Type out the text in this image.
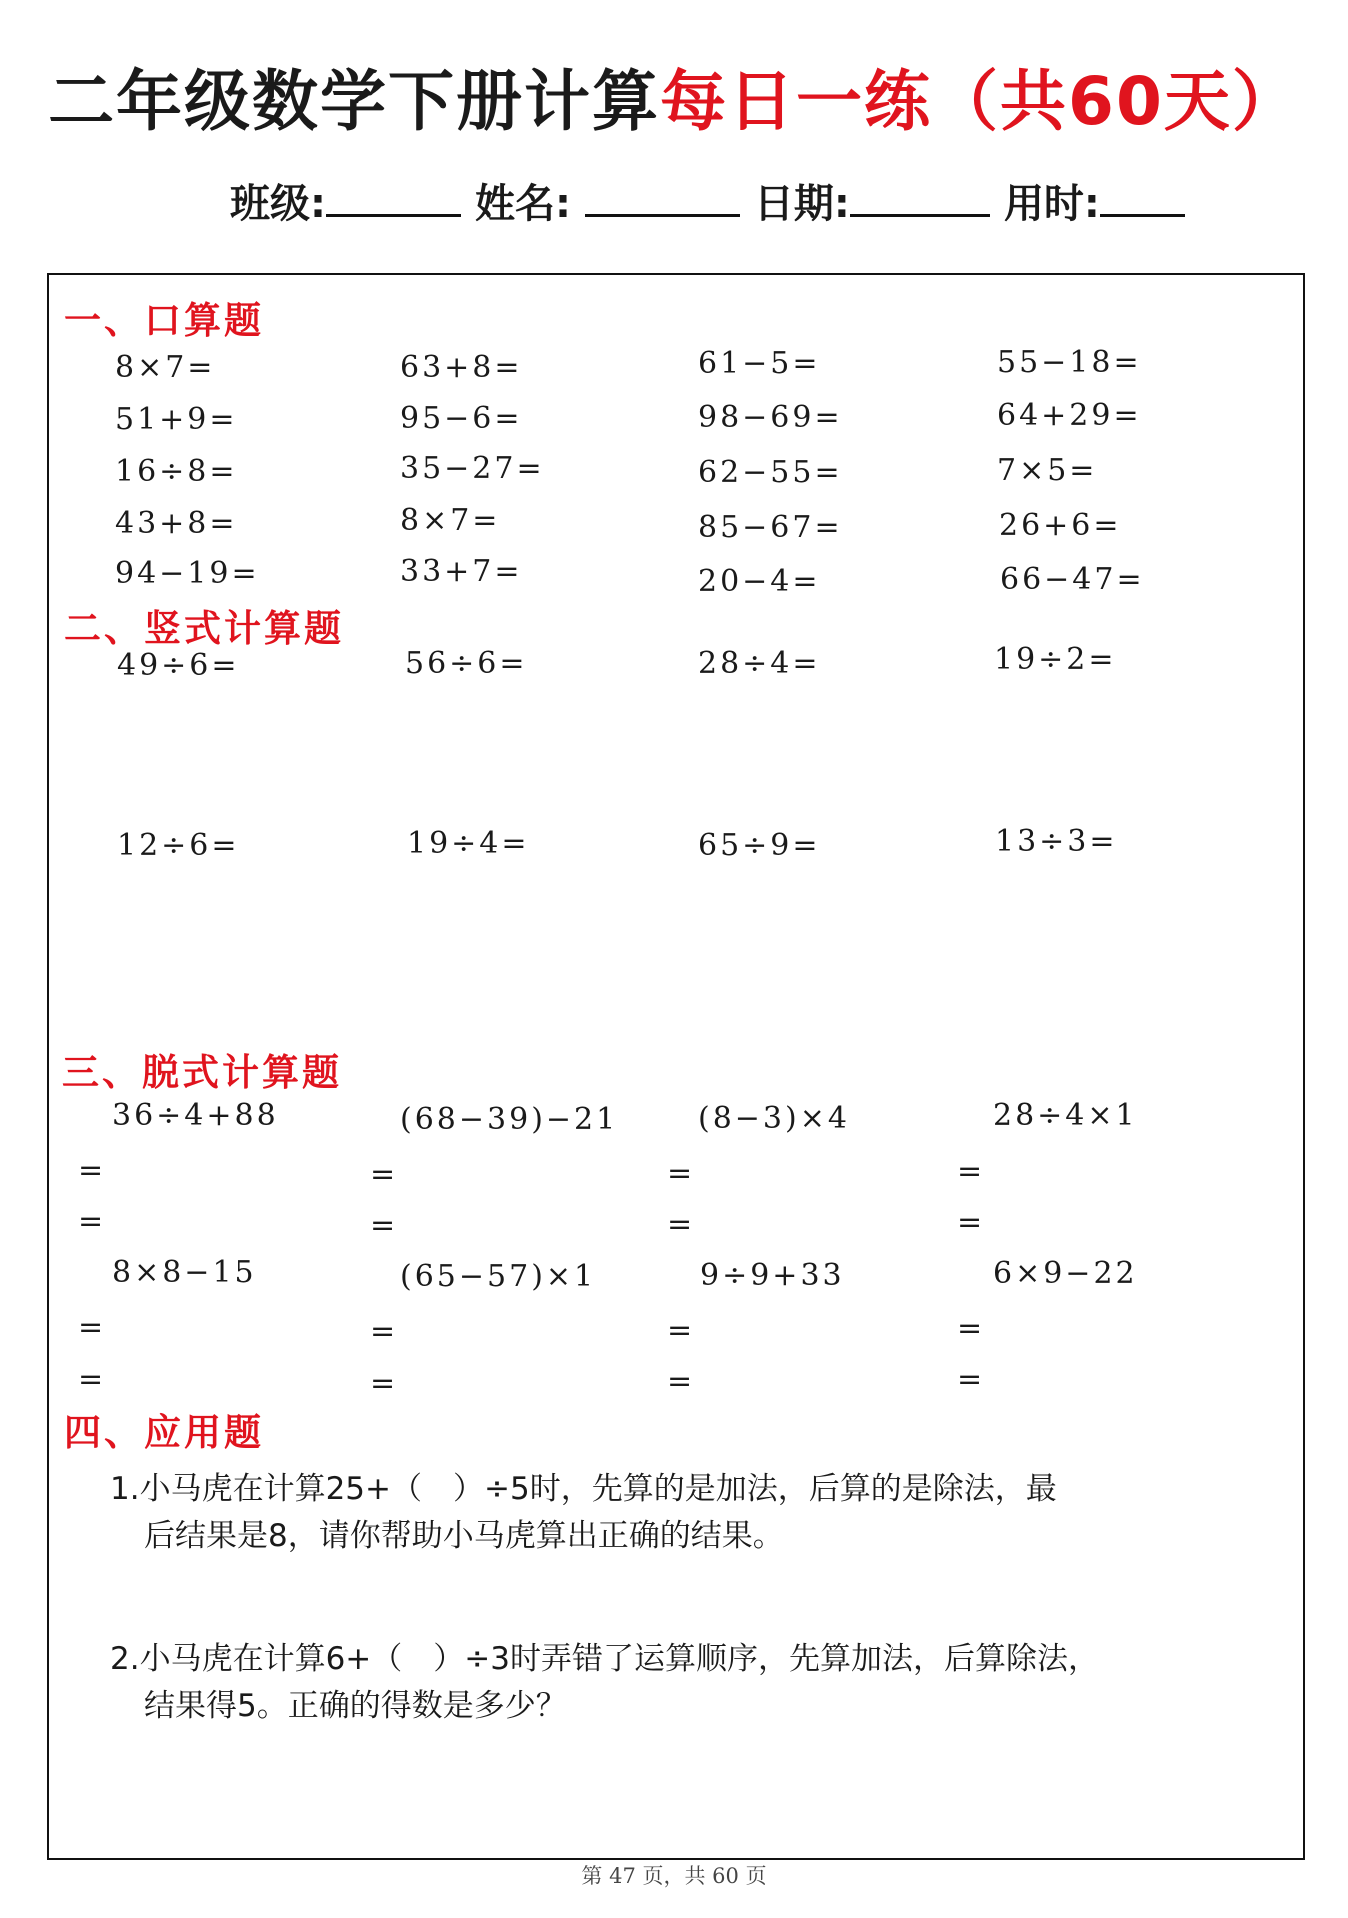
二年级数学下册计算每日一练（共60天）
班级:	姓名:	日期:	用时:
一、口算题
8×7=	63+8=	61−5=	55−18=
51+9=	95−6=	98−69=	64+29=
16÷8=	35−27=	62−55=	7×5=
43+8=	8×7=	85−67=	26+6=
94−19=	33+7=	20−4=	66−47=
二、竖式计算题
49÷6=	56÷6=	28÷4=	19÷2=
12÷6=	19÷4=	65÷9=	13÷3=
三、脱式计算题
36÷4+88	(68−39)−21	(8−3)×4	28÷4×1
=	=	=	=
=	=	=	=
8×8−15	(65−57)×1	9÷9+33	6×9−22
=	=	=	=
=	=	=	=
四、应用题
1.小马虎在计算25+（　）÷5时，先算的是加法，后算的是除法，最
后结果是8，请你帮助小马虎算出正确的结果。
2.小马虎在计算6+（　）÷3时弄错了运算顺序，先算加法，后算除法，
结果得5。正确的得数是多少？
第 47 页，共 60 页
